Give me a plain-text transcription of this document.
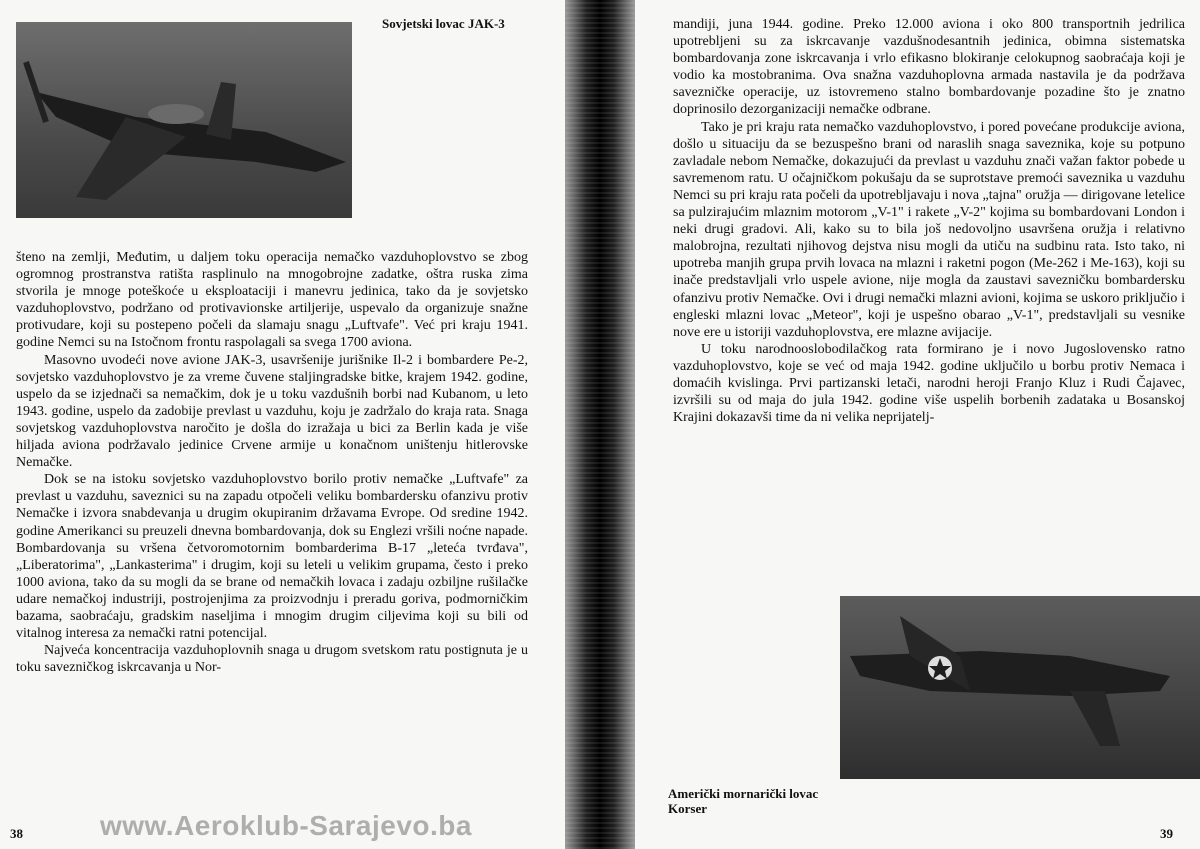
Sovjetski lovac JAK-3

šteno na zemlji, Međutim, u daljem toku operacija nemačko vazduhoplovstvo se zbog ogromnog prostranstva ratišta rasplinulo na mnogobrojne zadatke, oštra ruska zima stvorila je mnoge poteškoće u eksploataciji i manevru jedinica, tako da je sovjetsko vazduhoplovstvo, podržano od protivavionske artiljerije, uspevalo da organizuje snažne protivudare, koji su postepeno počeli da slamaju snagu „Luftvafe". Već pri kraju 1941. godine Nemci su na Istočnom frontu raspolagali sa svega 1700 aviona.

Masovno uvodeći nove avione JAK-3, usavršenije jurišnike Il-2 i bombardere Pe-2, sovjetsko vazduhoplovstvo je za vreme čuvene staljingradske bitke, krajem 1942. godine, uspelo da se izjednači sa nemačkim, dok je u toku vazdušnih borbi nad Kubanom, u leto 1943. godine, uspelo da zadobije prevlast u vazduhu, koju je zadržalo do kraja rata. Snaga sovjetskog vazduhoplovstva naročito je došla do izražaja u bici za Berlin kada je više hiljada aviona podržavalo jedinice Crvene armije u konačnom uništenju hitlerovske Nemačke.

Dok se na istoku sovjetsko vazduhoplovstvo borilo protiv nemačke „Luftvafe" za prevlast u vazduhu, saveznici su na zapadu otpočeli veliku bombardersku ofanzivu protiv Nemačke i izvora snabdevanja u drugim okupiranim državama Evrope. Od sredine 1942. godine Amerikanci su preuzeli dnevna bombardovanja, dok su Englezi vršili noćne napade. Bombardovanja su vršena četvoromotornim bombarderima B-17 „leteća tvrđava", „Liberatorima", „Lankasterima" i drugim, koji su leteli u velikim grupama, često i preko 1000 aviona, tako da su mogli da se brane od nemačkih lovaca i zadaju ozbiljne rušilačke udare nemačkoj industriji, postrojenjima za proizvodnju i preradu goriva, podmorničkim bazama, saobraćaju, gradskim naseljima i mnogim drugim ciljevima koji su bili od vitalnog interesa za nemački ratni potencijal.

Najveća koncentracija vazduhoplovnih snaga u drugom svetskom ratu postignuta je u toku savezničkog iskrcavanja u Nor-

38

mandiji, juna 1944. godine. Preko 12.000 aviona i oko 800 transportnih jedrilica upotrebljeni su za iskrcavanje vazdušnodesantnih jedinica, obimna sistematska bombardovanja zone iskrcavanja i vrlo efikasno blokiranje celokupnog saobraćaja koji je vodio ka mostobranima. Ova snažna vazduhoplovna armada nastavila je da podržava savezničke operacije, uz istovremeno stalno bombardovanje pozadine što je znatno doprinosilo dezorganizaciji nemačke odbrane.

Tako je pri kraju rata nemačko vazduhoplovstvo, i pored povećane produkcije aviona, došlo u situaciju da se bezuspešno brani od naraslih snaga saveznika, koje su potpuno zavladale nebom Nemačke, dokazujući da prevlast u vazduhu znači važan faktor pobede u savremenom ratu. U očajničkom pokušaju da se suprotstave premoći saveznika u vazduhu Nemci su pri kraju rata počeli da upotrebljavaju i nova „tajna" oružja — dirigovane letelice sa pulzirajućim mlaznim motorom „V-1" i rakete „V-2" kojima su bombardovani London i neki drugi gradovi. Ali, kako su to bila još nedovoljno usavršena oružja i relativno malobrojna, rezultati njihovog dejstva nisu mogli da utiču na sudbinu rata. Isto tako, ni upotreba manjih grupa prvih lovaca na mlazni i raketni pogon (Me-262 i Me-163), koji su inače predstavljali vrlo uspele avione, nije mogla da zaustavi savezničku bombardersku ofanzivu protiv Nemačke. Ovi i drugi nemački mlazni avioni, kojima se uskoro priključio i engleski mlazni lovac „Meteor", koji je uspešno obarao „V-1", predstavljali su vesnike nove ere u istoriji vazduhoplovstva, ere mlazne avijacije.

U toku narodnooslobodilačkog rata formirano je i novo Jugoslovensko ratno vazduhoplovstvo, koje se već od maja 1942. godine uključilo u borbu protiv Nemaca i domaćih kvislinga. Prvi partizanski letači, narodni heroji Franjo Kluz i Rudi Čajavec, izvršili su od maja do jula 1942. godine više uspelih borbenih zadataka u Bosanskoj Krajini dokazavši time da ni velika neprijatelj-

Američki mornarički lovac Korser
39
www.Aeroklub-Sarajevo.ba
